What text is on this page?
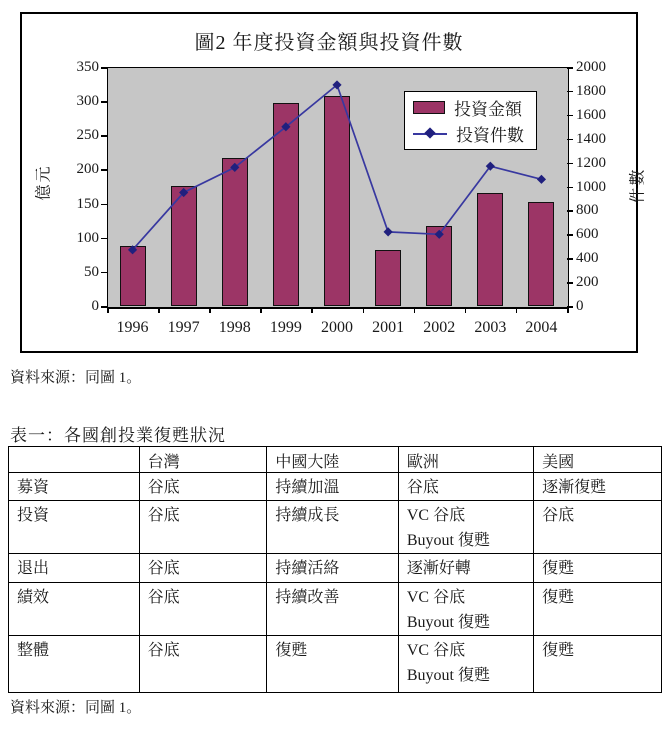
圖2 年度投資金額與投資件數
投資金額
投資件數
0
50
100
150
200
250
300
350
0
200
400
600
800
1000
1200
1400
1600
1800
2000
1996	1997	1998	1999	2000	2001	2002	2003	2004
億元	件數
資料來源：同圖 1。
表一：各國創投業復甦狀況
	台灣	中國大陸	歐洲	美國

募資	谷底	持續加溫	谷底	逐漸復甦

投資	谷底	持續成長	VC 谷底
Buyout 復甦	谷底

退出	谷底	持續活絡	逐漸好轉	復甦

績效	谷底	持續改善	VC 谷底
Buyout 復甦	復甦

整體	谷底	復甦	VC 谷底
Buyout 復甦	復甦
資料來源：同圖 1。
